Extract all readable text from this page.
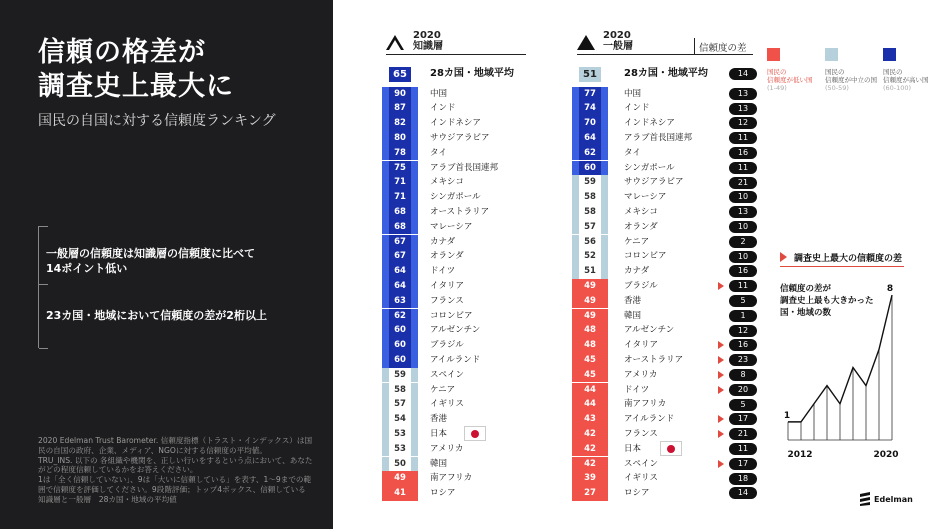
信頼の格差が
調査史上最大に
国民の自国に対する信頼度ランキング
一般層の信頼度は知識層の信頼度に比べて
14ポイント低い
23カ国・地域において信頼度の差が2桁以上
2020 Edelman Trust Barometer. 信頼度指標（トラスト・インデックス）は国民の自国の政府、企業、メディア、NGOに対する信頼度の平均値。
TRU_INS. 以下の 各組織や機関を、正しい行いをするという点において、あなたがどの程度信頼しているかをお答えください。
1は「全く信頼していない」、9は「大いに信頼している」を表す、1〜9までの範囲で信頼度を評価してください。9段階評価；トップ4ボックス、信頼している
知識層と一般層　28カ国・地域の平均値
2020
知識層
2020
一般層	信頼度の差
65	28カ国・地域平均
90	中国
87	インド
82	インドネシア
80	サウジアラビア
78	タイ
75	アラブ首長国連邦
71	メキシコ
71	シンガポール
68	オーストラリア
68	マレーシア
67	カナダ
67	オランダ
64	ドイツ
64	イタリア
63	フランス
62	コロンビア
60	アルゼンチン
60	ブラジル
60	アイルランド
59	スペイン
58	ケニア
57	イギリス
54	香港
53	日本
53	アメリカ
50	韓国
49	南アフリカ
41	ロシア
51	28カ国・地域平均	14
77	中国	13
74	インド	13
70	インドネシア	12
64	アラブ首長国連邦	11
62	タイ	16
60	シンガポール	11
59	サウジアラビア	21
58	マレーシア	10
58	メキシコ	13
57	オランダ	10
56	ケニア	2
52	コロンビア	10
51	カナダ	16
49	ブラジル	11
49	香港	5
49	韓国	1
48	アルゼンチン	12
48	イタリア	16
45	オーストラリア	23
45	アメリカ	8
44	ドイツ	20
44	南アフリカ	5
43	アイルランド	17
42	フランス	21
42	日本	11
42	スペイン	17
39	イギリス	18
27	ロシア	14
国民の
信頼度が低い国
(1-49)
国民の
信頼度が中立の国
(50-59)
国民の
信頼度が高い国
(60-100)
調査史上最大の信頼度の差
信頼度の差が
調査史上最も大きかった
国・地域の数
1
8
2012	2020
Edelman
